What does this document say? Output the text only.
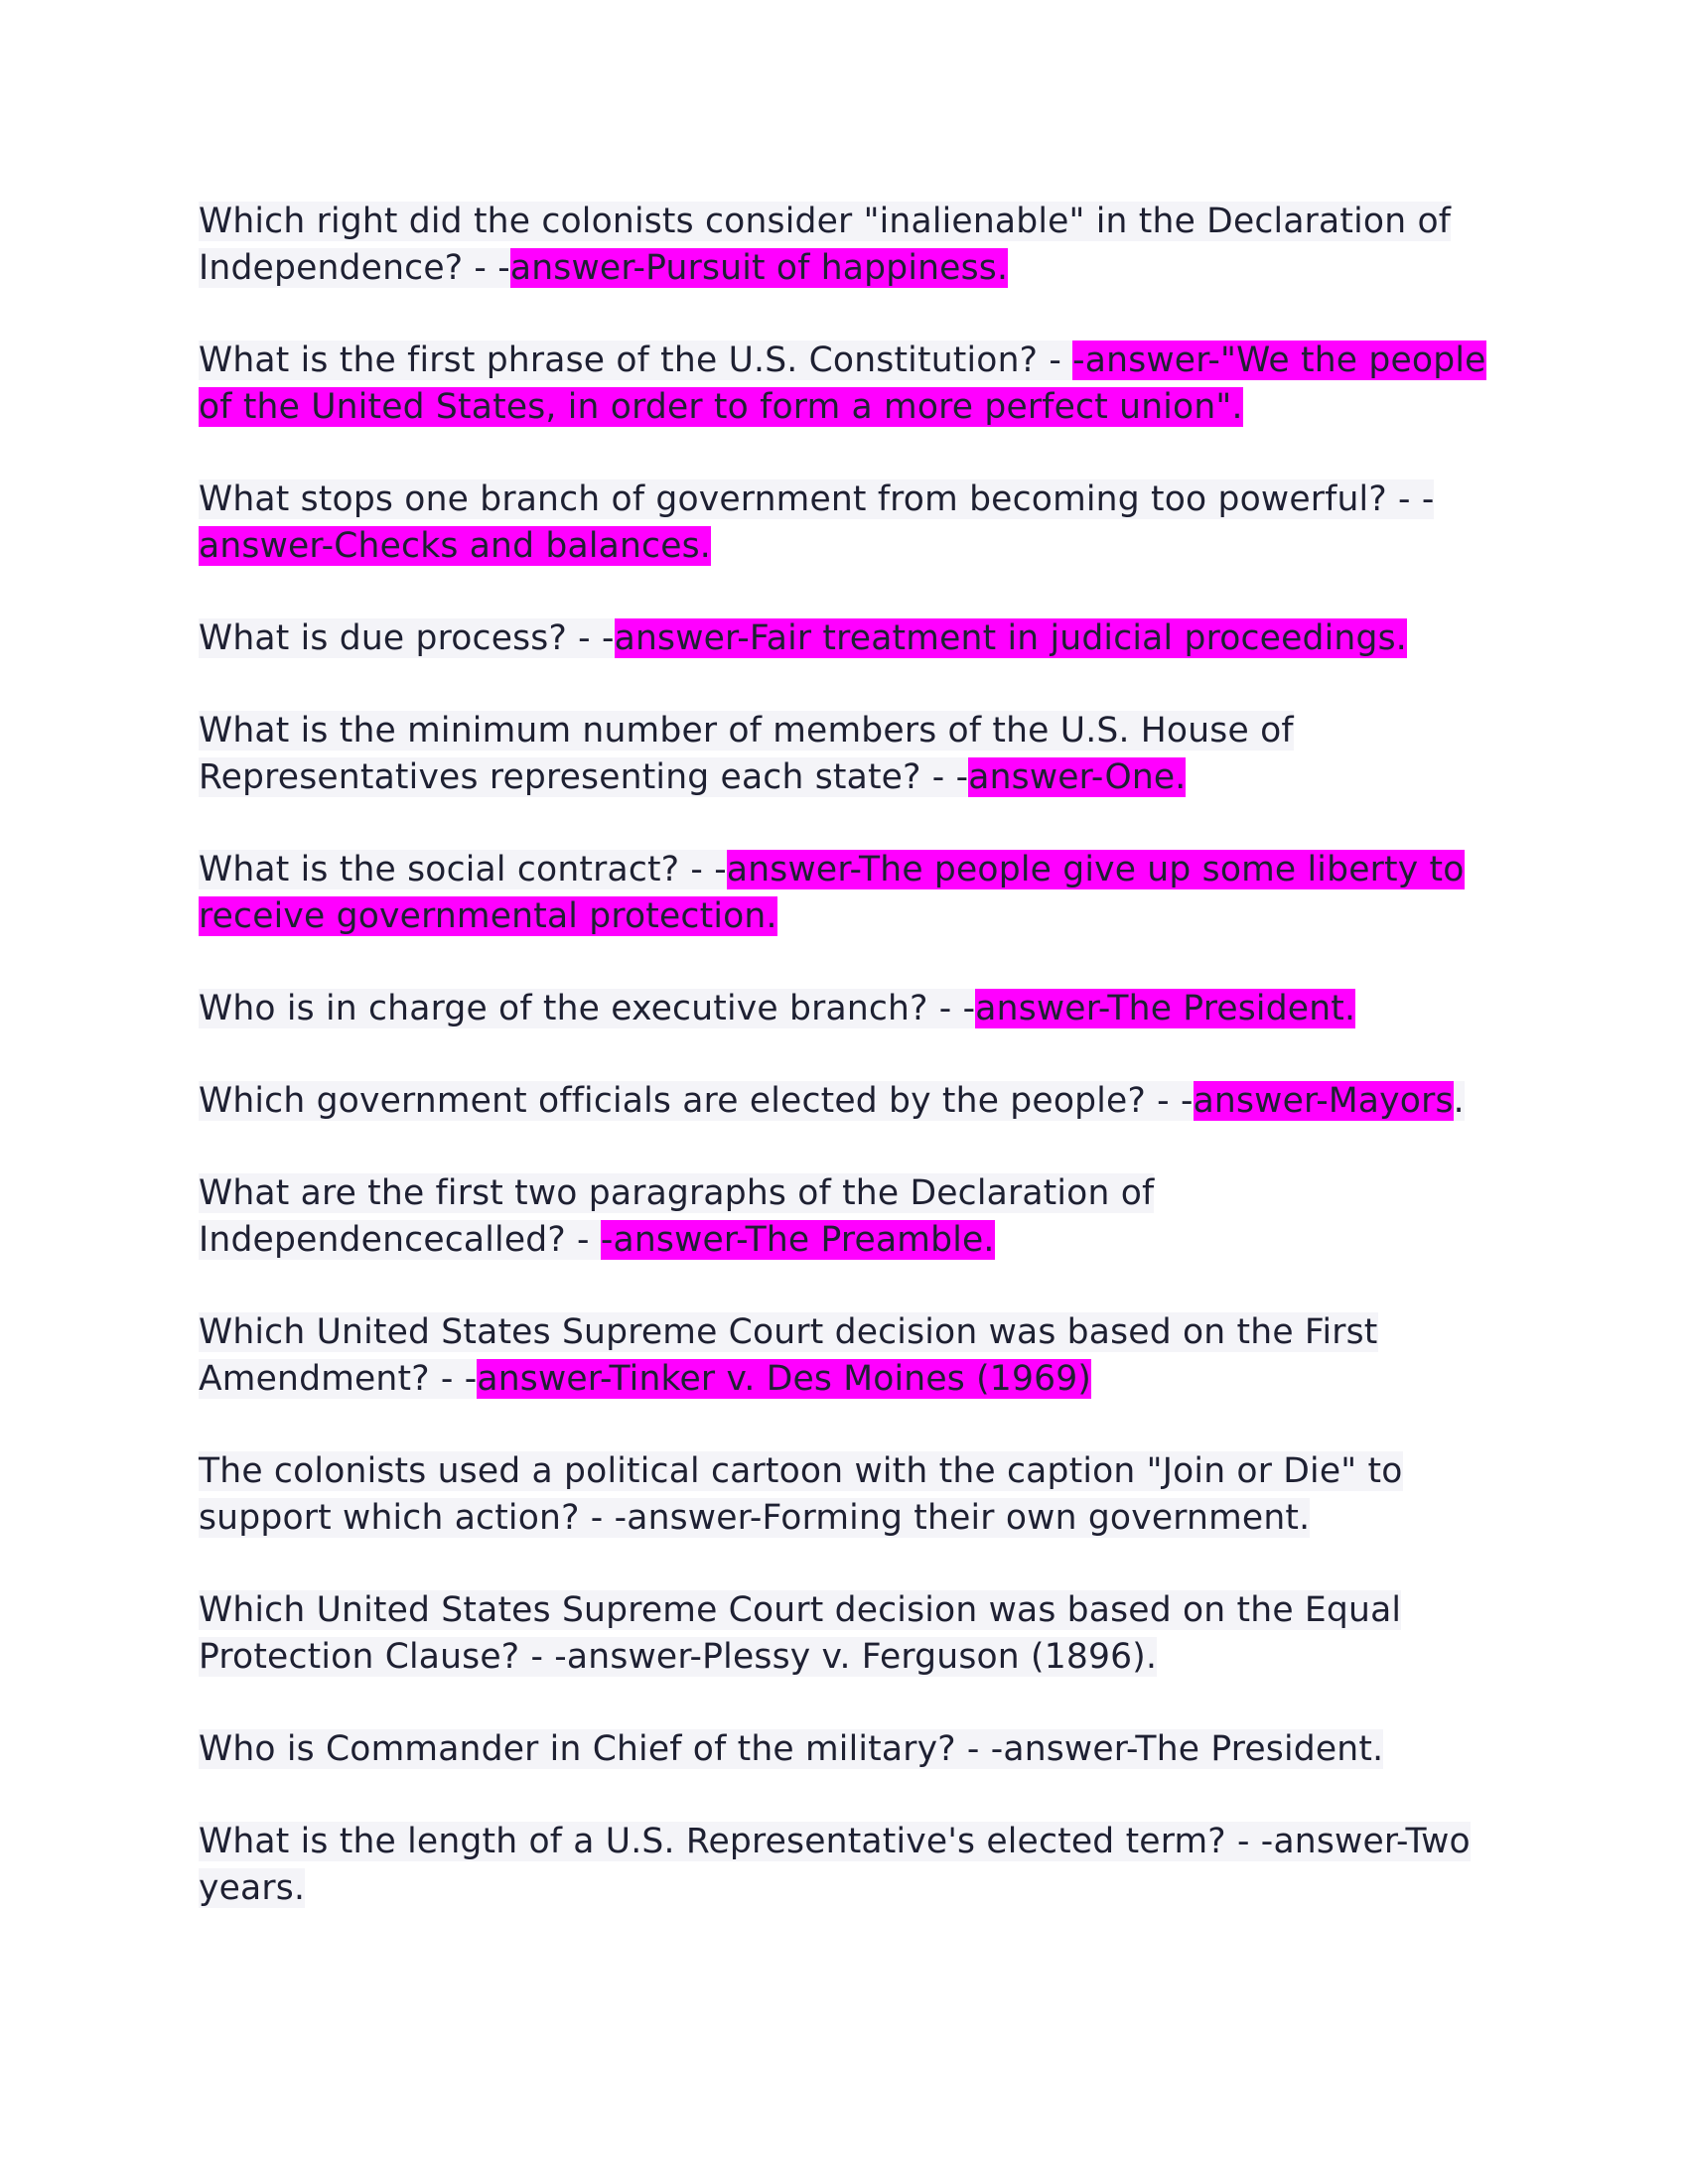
Which right did the colonists consider "inalienable" in the Declaration of Independence? - -answer-Pursuit of happiness.

What is the first phrase of the U.S. Constitution? - -answer-"We the people of the United States, in order to form a more perfect union".

What stops one branch of government from becoming too powerful? - - answer-Checks and balances.

What is due process? - -answer-Fair treatment in judicial proceedings.

What is the minimum number of members of the U.S. House of Representatives representing each state? - -answer-One.

What is the social contract? - -answer-The people give up some liberty to receive governmental protection.

Who is in charge of the executive branch? - -answer-The President.

Which government officials are elected by the people? - -answer-Mayors.

What are the first two paragraphs of the Declaration of Independencecalled? - -answer-The Preamble.

Which United States Supreme Court decision was based on the First Amendment? - -answer-Tinker v. Des Moines (1969)

The colonists used a political cartoon with the caption "Join or Die" to support which action? - -answer-Forming their own government.

Which United States Supreme Court decision was based on the Equal Protection Clause? - -answer-Plessy v. Ferguson (1896).

Who is Commander in Chief of the military? - -answer-The President.

What is the length of a U.S. Representative's elected term? - -answer-Two years.
